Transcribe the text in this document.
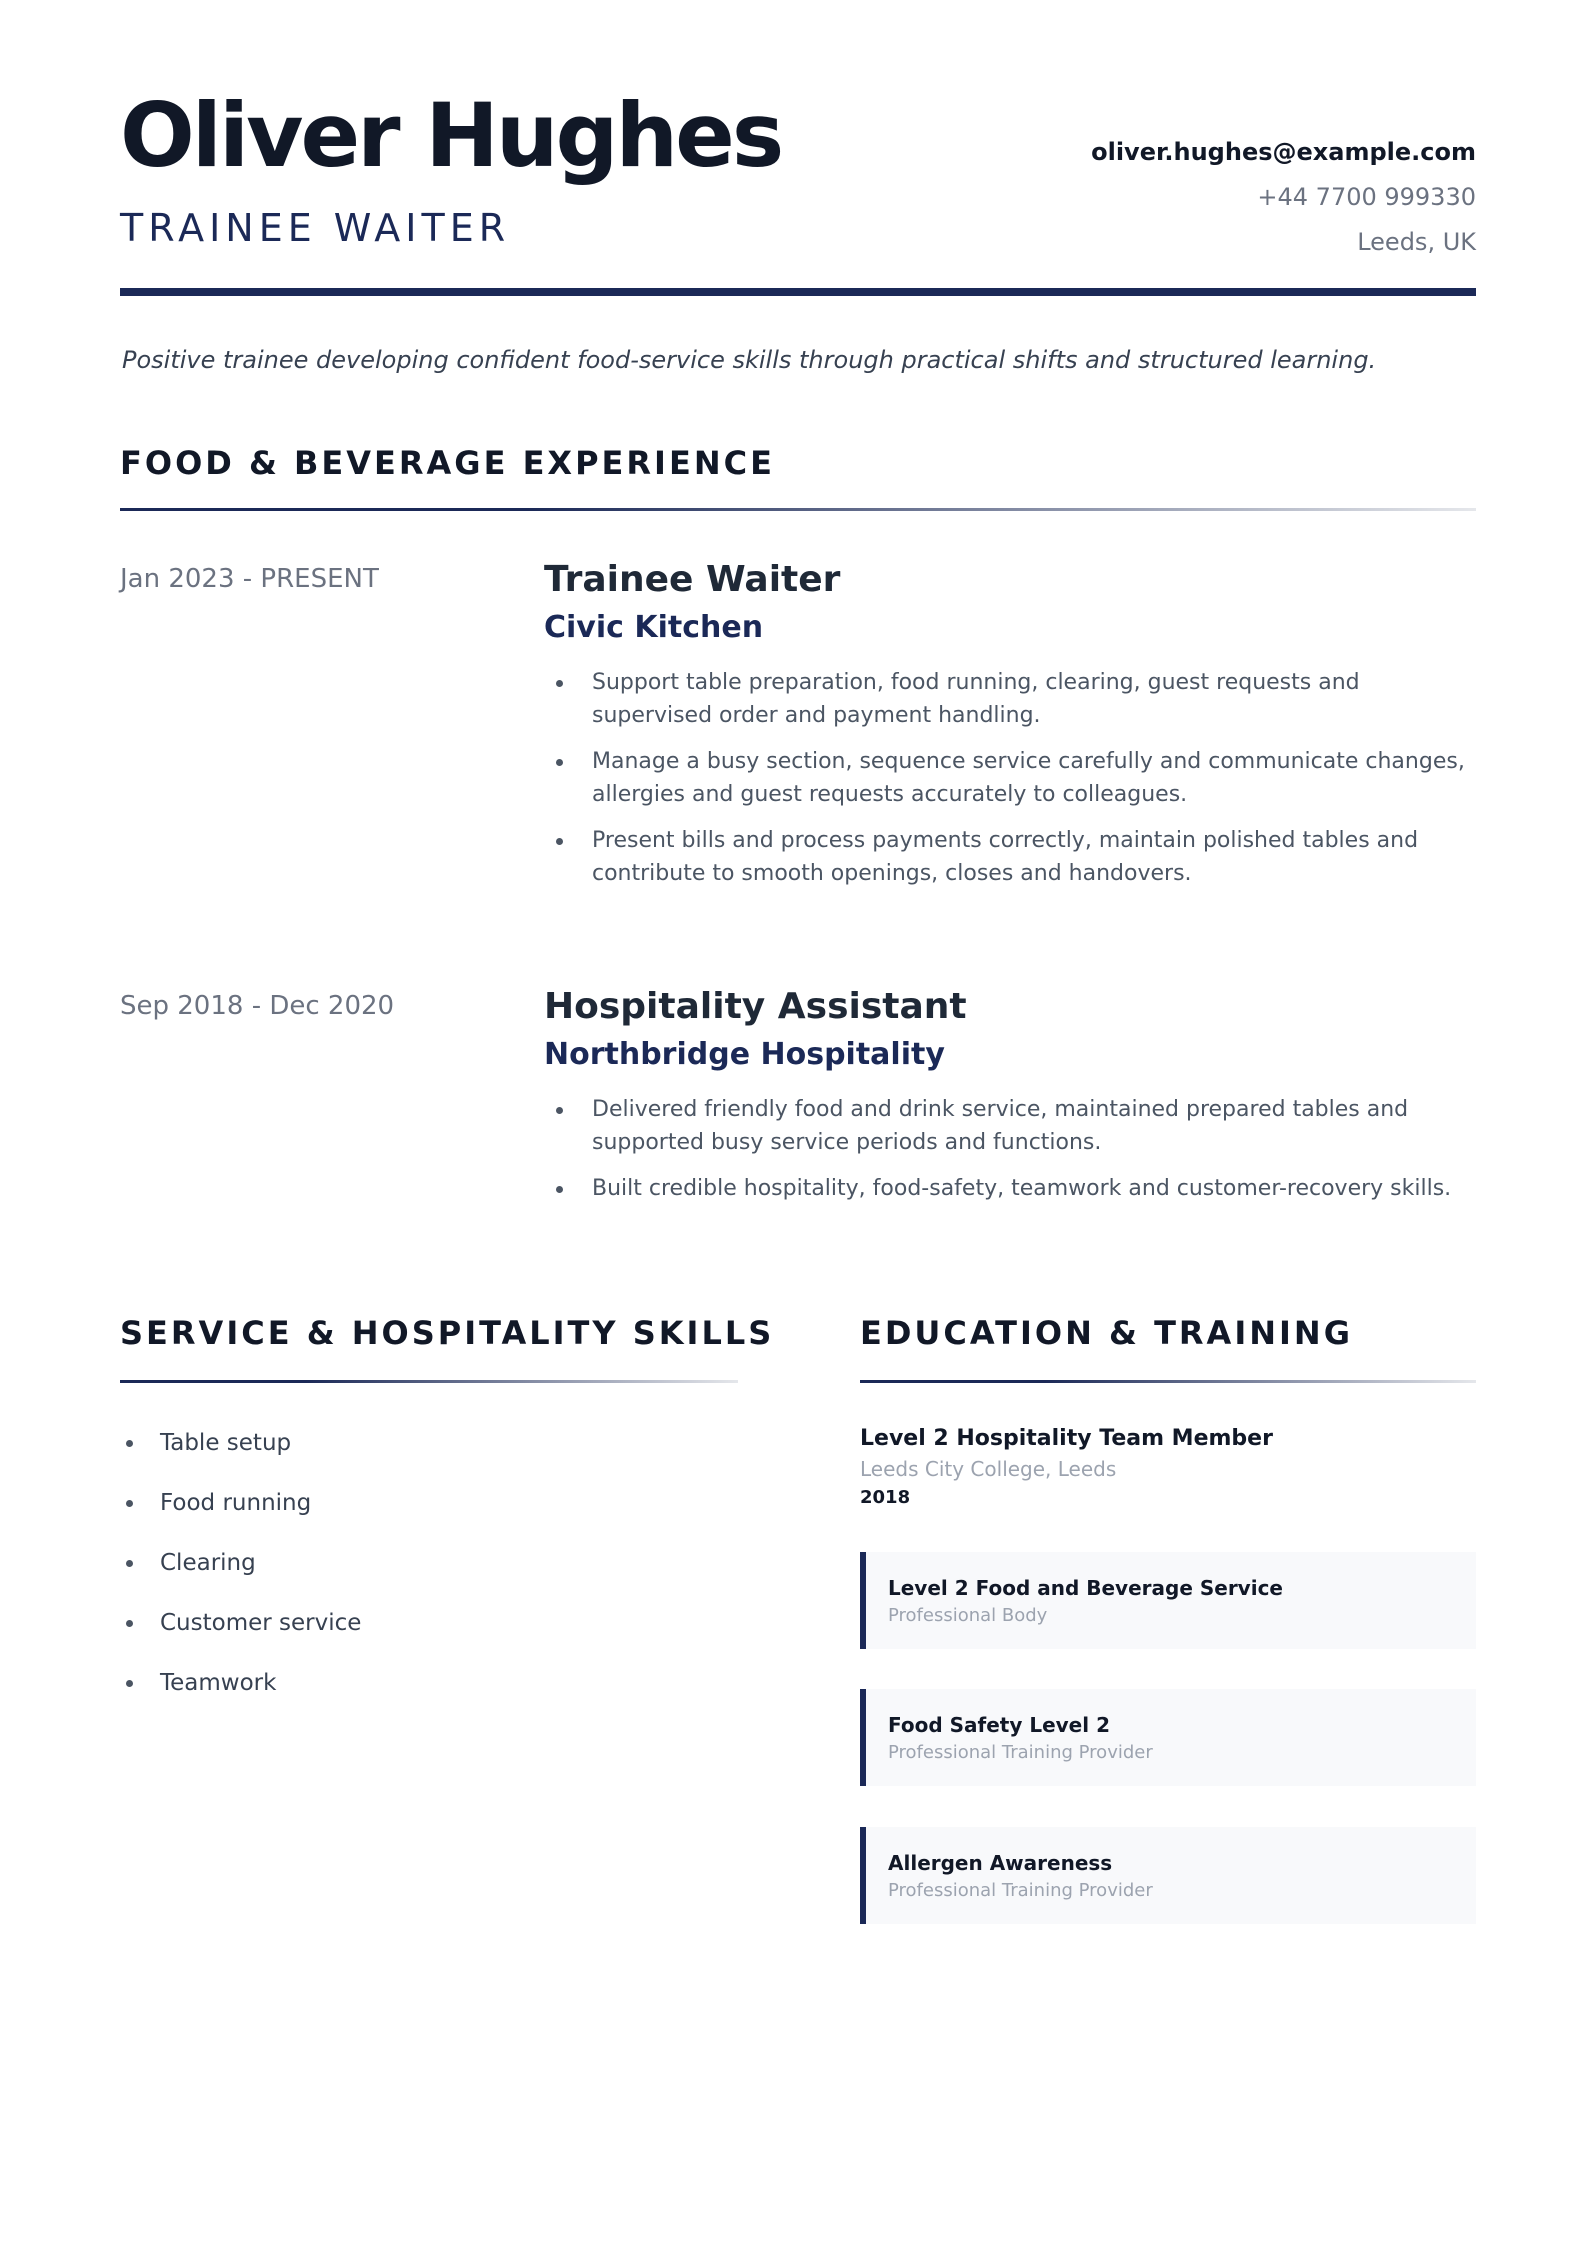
Oliver Hughes
TRAINEE WAITER
oliver.hughes@example.com
+44 7700 999330
Leeds, UK
Positive trainee developing confident food-service skills through practical shifts and structured learning.
FOOD & BEVERAGE EXPERIENCE
Jan 2023 - PRESENT	Trainee Waiter
Civic Kitchen
Support table preparation, food running, clearing, guest requests and supervised order and payment handling.
Manage a busy section, sequence service carefully and communicate changes, allergies and guest requests accurately to colleagues.
Present bills and process payments correctly, maintain polished tables and contribute to smooth openings, closes and handovers.
Sep 2018 - Dec 2020	Hospitality Assistant
Northbridge Hospitality
Delivered friendly food and drink service, maintained prepared tables and supported busy service periods and functions.
Built credible hospitality, food-safety, teamwork and customer-recovery skills.
SERVICE & HOSPITALITY SKILLS
Table setup
Food running
Clearing
Customer service
Teamwork
EDUCATION & TRAINING
Level 2 Hospitality Team Member
Leeds City College, Leeds
2018
Level 2 Food and Beverage Service
Professional Body
Food Safety Level 2
Professional Training Provider
Allergen Awareness
Professional Training Provider
